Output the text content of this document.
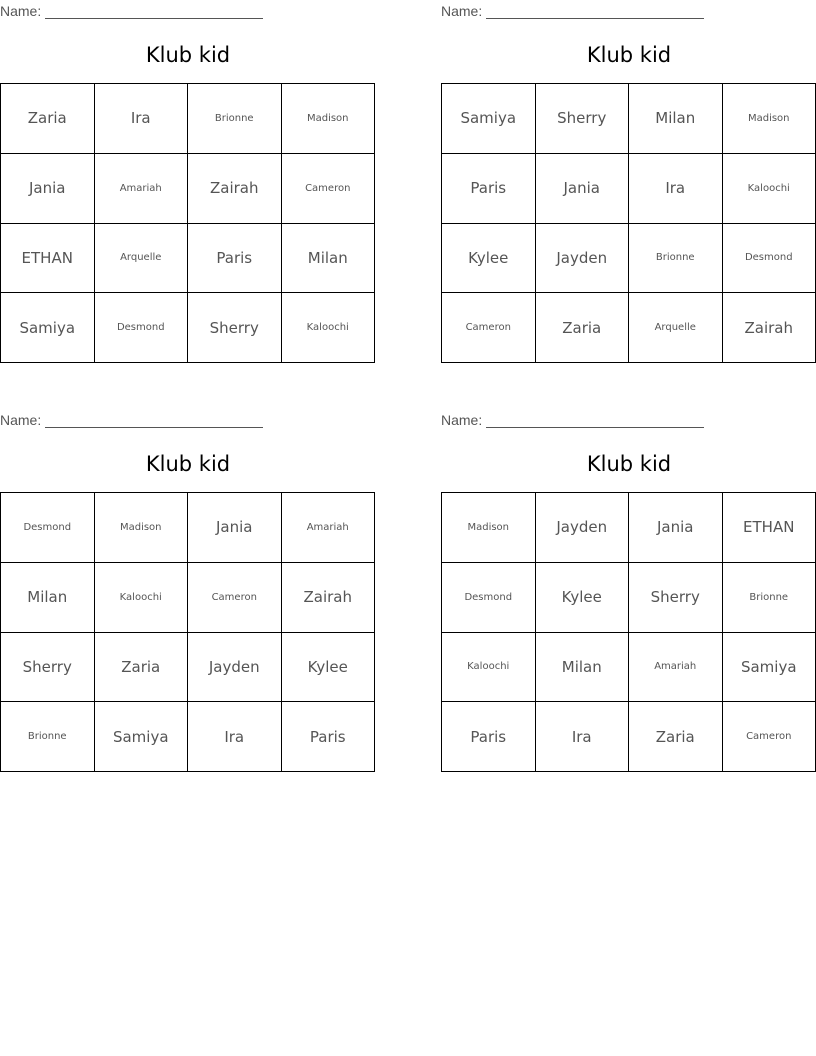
Name:
Klub kid
Zaria	Ira	Brionne	Madison
Jania	Amariah	Zairah	Cameron
ETHAN	Arquelle	Paris	Milan
Samiya	Desmond	Sherry	Kaloochi
Name:
Klub kid
Samiya	Sherry	Milan	Madison
Paris	Jania	Ira	Kaloochi
Kylee	Jayden	Brionne	Desmond
Cameron	Zaria	Arquelle	Zairah
Name:
Klub kid
Desmond	Madison	Jania	Amariah
Milan	Kaloochi	Cameron	Zairah
Sherry	Zaria	Jayden	Kylee
Brionne	Samiya	Ira	Paris
Name:
Klub kid
Madison	Jayden	Jania	ETHAN
Desmond	Kylee	Sherry	Brionne
Kaloochi	Milan	Amariah	Samiya
Paris	Ira	Zaria	Cameron
